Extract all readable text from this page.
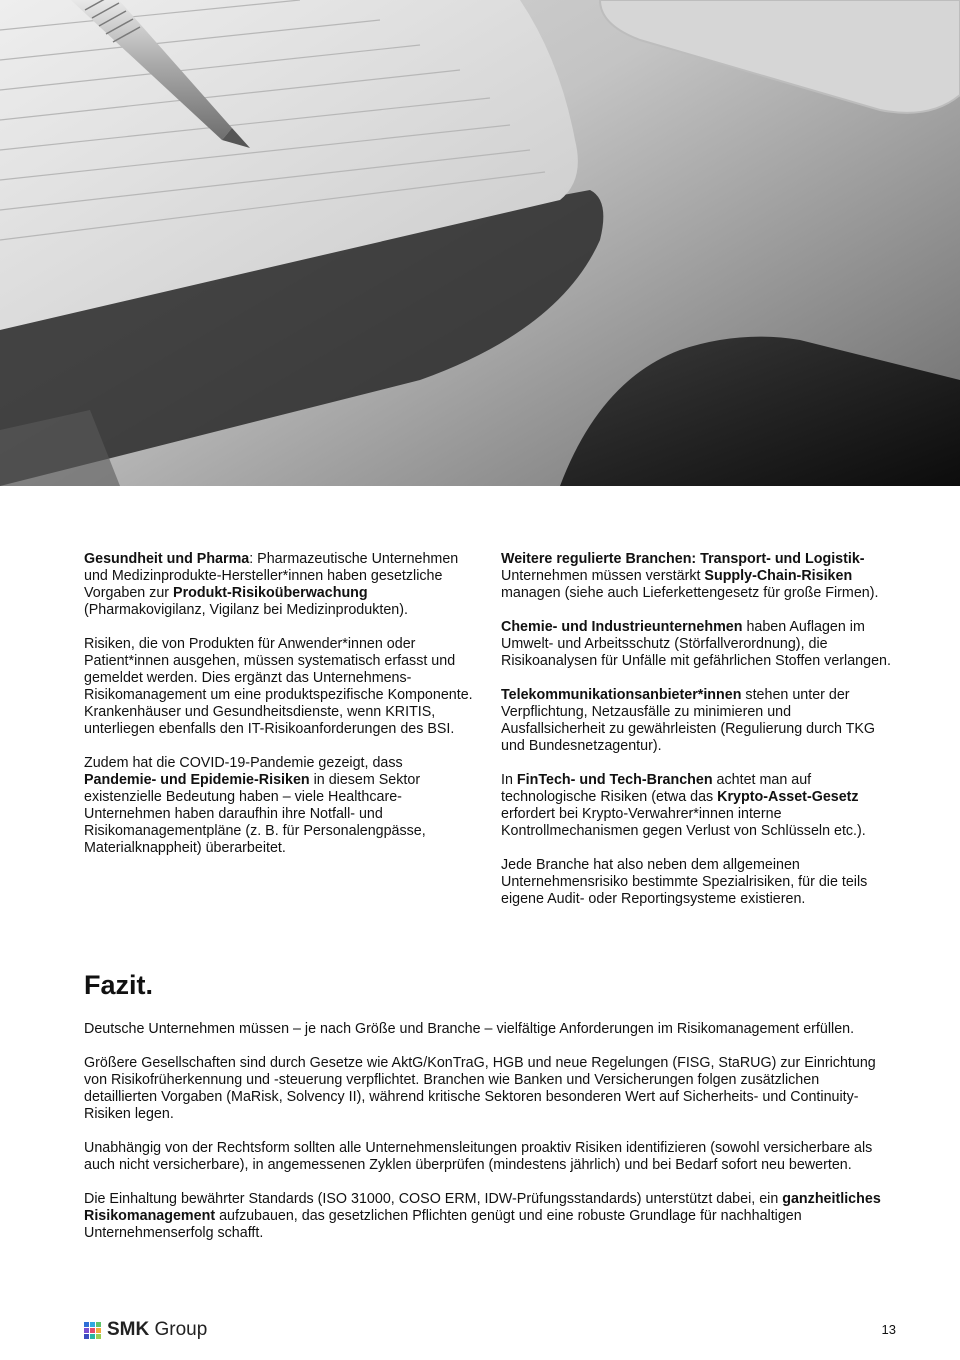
Gesundheit und Pharma: Pharmazeutische Unternehmen und Medizinprodukte-Hersteller*innen haben gesetzliche Vorgaben zur Produkt-Risikoüberwachung (Pharmakovigilanz, Vigilanz bei Medizinprodukten).

Risiken, die von Produkten für Anwender*innen oder Patient*innen ausgehen, müssen systematisch erfasst und gemeldet werden. Dies ergänzt das Unternehmens-Risikomanagement um eine produktspezifische Komponente. Krankenhäuser und Gesundheitsdienste, wenn KRITIS, unterliegen ebenfalls den IT-Risikoanforderungen des BSI.

Zudem hat die COVID-19-Pandemie gezeigt, dass Pandemie- und Epidemie-Risiken in diesem Sektor existenzielle Bedeutung haben – viele Healthcare-Unternehmen haben daraufhin ihre Notfall- und Risikomanagementpläne (z. B. für Personalengpässe, Materialknappheit) überarbeitet.

Weitere regulierte Branchen: Transport- und Logistik-
Unternehmen müssen verstärkt Supply-Chain-Risiken managen (siehe auch Lieferkettengesetz für große Firmen).

Chemie- und Industrieunternehmen haben Auflagen im Umwelt- und Arbeitsschutz (Störfallverordnung), die Risikoanalysen für Unfälle mit gefährlichen Stoffen verlangen.

Telekommunikationsanbieter*innen stehen unter der Verpflichtung, Netzausfälle zu minimieren und Ausfallsicherheit zu gewährleisten (Regulierung durch TKG und Bundesnetzagentur).

In FinTech- und Tech-Branchen achtet man auf technologische Risiken (etwa das Krypto-Asset-Gesetz erfordert bei Krypto-Verwahrer*innen interne Kontrollmechanismen gegen Verlust von Schlüsseln etc.).

Jede Branche hat also neben dem allgemeinen Unternehmensrisiko bestimmte Spezialrisiken, für die teils eigene Audit- oder Reportingsysteme existieren.

Fazit.

Deutsche Unternehmen müssen – je nach Größe und Branche – vielfältige Anforderungen im Risikomanagement erfüllen.

Größere Gesellschaften sind durch Gesetze wie AktG/KonTraG, HGB und neue Regelungen (FISG, StaRUG) zur Einrichtung von Risikofrüherkennung und -steuerung verpflichtet. Branchen wie Banken und Versicherungen folgen zusätzlichen detaillierten Vorgaben (MaRisk, Solvency II), während kritische Sektoren besonderen Wert auf Sicherheits- und Continuity-Risiken legen.

Unabhängig von der Rechtsform sollten alle Unternehmensleitungen proaktiv Risiken identifizieren (sowohl versicherbare als auch nicht versicherbare), in angemessenen Zyklen überprüfen (mindestens jährlich) und bei Bedarf sofort neu bewerten.

Die Einhaltung bewährter Standards (ISO 31000, COSO ERM, IDW-Prüfungsstandards) unterstützt dabei, ein ganzheitliches Risikomanagement aufzubauen, das gesetzlichen Pflichten genügt und eine robuste Grundlage für nachhaltigen Unternehmenserfolg schafft.

SMK Group	13
